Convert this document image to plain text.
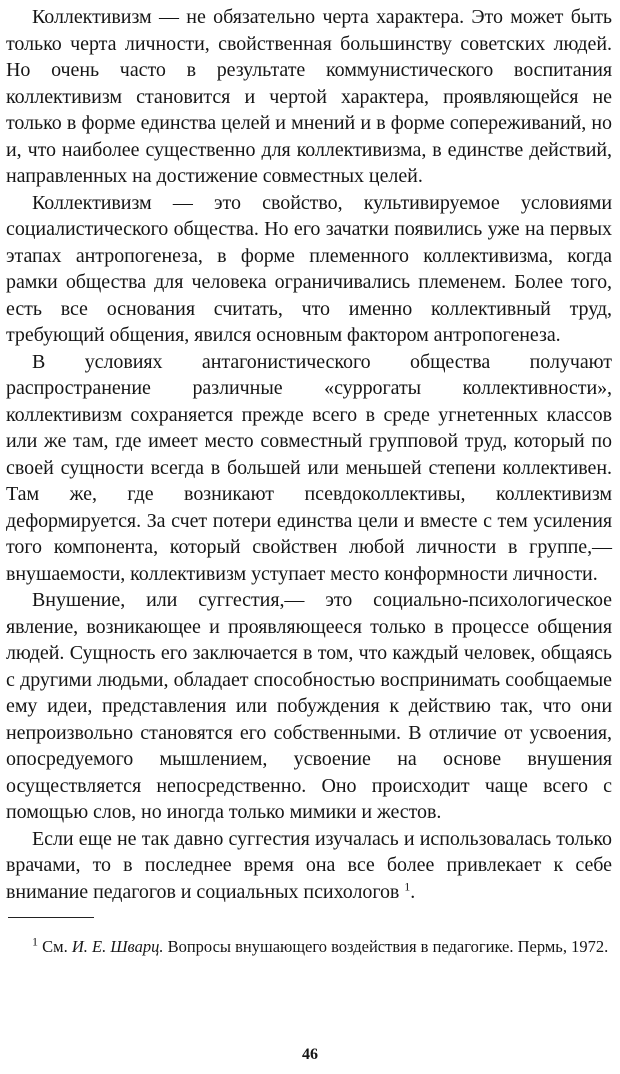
Коллективизм — не обязательно черта характера. Это может быть только черта личности, свойственная большинству советских людей. Но очень часто в результате коммунистического воспитания коллективизм становится и чертой характера, проявляющейся не только в форме единства целей и мнений и в форме сопереживаний, но и, что наиболее существенно для коллективизма, в единстве действий, направленных на достижение совместных целей.

Коллективизм — это свойство, культивируемое условиями социалистического общества. Но его зачатки появились уже на первых этапах антропогенеза, в форме племенного коллективизма, когда рамки общества для человека ограничивались племенем. Более того, есть все основания считать, что именно коллективный труд, требующий общения, явился основным фактором антропогенеза.

В условиях антагонистического общества получают распространение различные «суррогаты коллективности», коллективизм сохраняется прежде всего в среде угнетенных классов или же там, где имеет место совместный групповой труд, который по своей сущности всегда в большей или меньшей степени коллективен. Там же, где возникают псевдоколлективы, коллективизм деформируется. За счет потери единства цели и вместе с тем усиления того компонента, который свойствен любой личности в группе,— внушаемости, коллективизм уступает место конформности личности.

Внушение, или суггестия,— это социально-психологическое явление, возникающее и проявляющееся только в процессе общения людей. Сущность его заключается в том, что каждый человек, общаясь с другими людьми, обладает способностью воспринимать сообщаемые ему идеи, представления или побуждения к действию так, что они непроизвольно становятся его собственными. В отличие от усвоения, опосредуемого мышлением, усвоение на основе внушения осуществляется непосредственно. Оно происходит чаще всего с помощью слов, но иногда только мимики и жестов.

Если еще не так давно суггестия изучалась и использовалась только врачами, то в последнее время она все более привлекает к себе внимание педагогов и социальных психологов $^1$.

$^1$ См. И. Е. Шварц. Вопросы внушающего воздействия в педагогике. Пермь, 1972.

46
